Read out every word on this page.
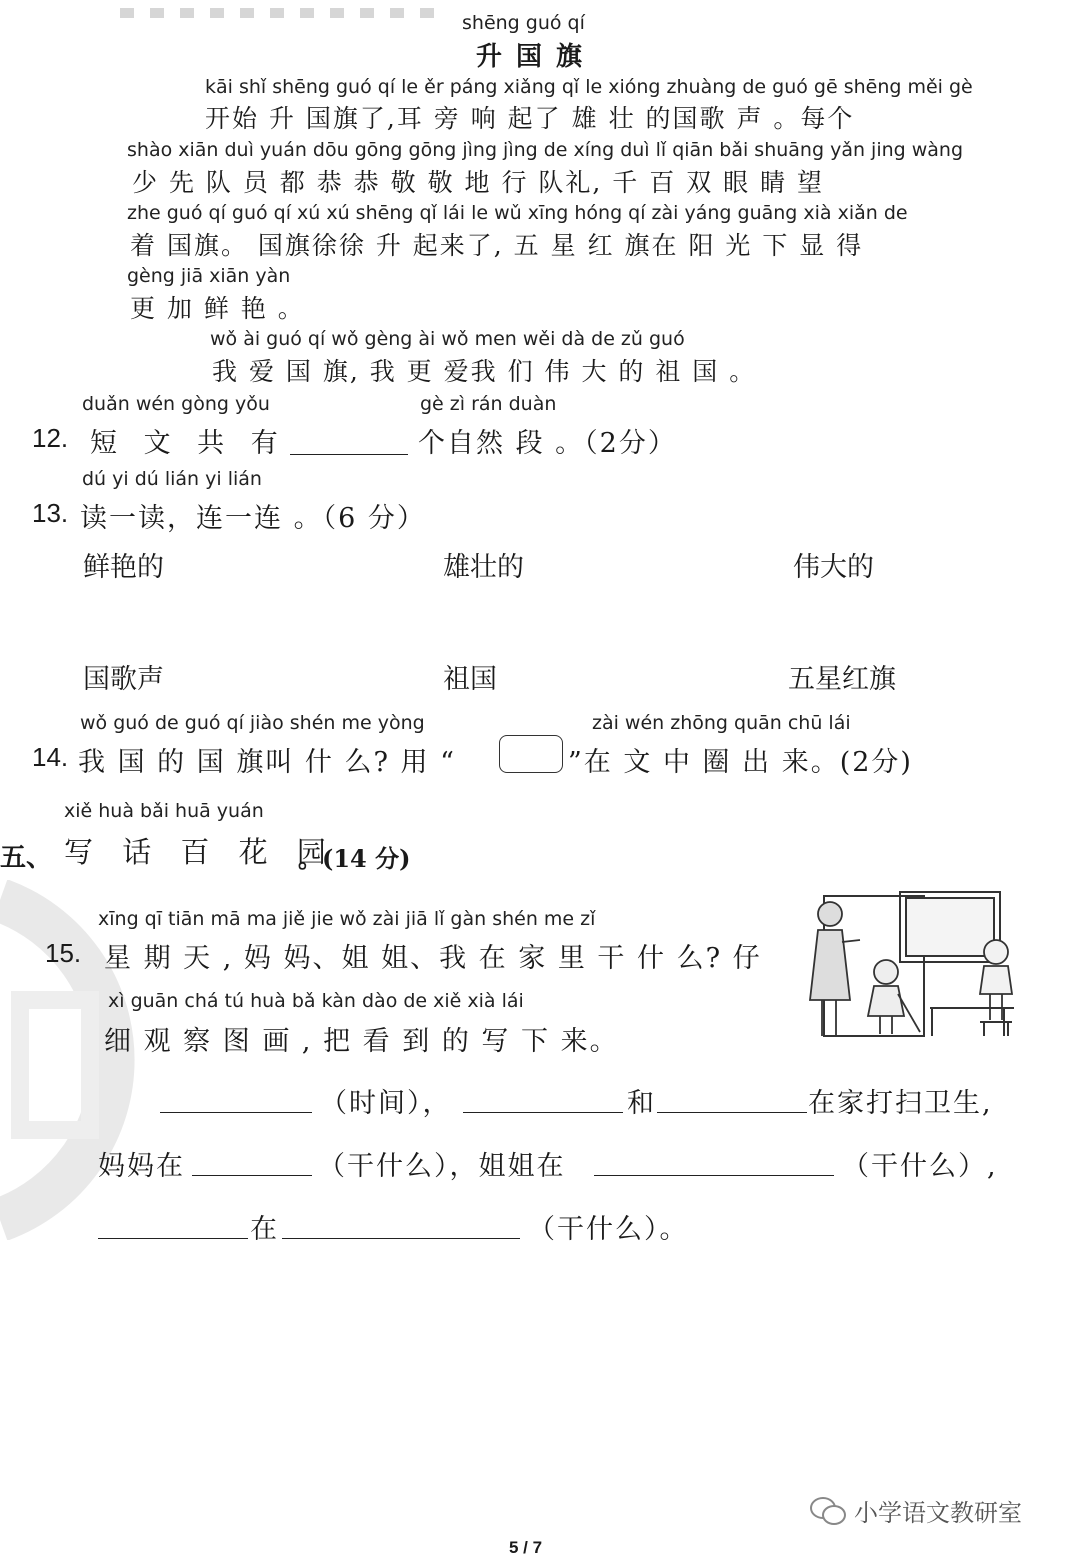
shēng guó qí
升国旗
kāi shǐ shēng guó qí le ěr páng xiǎng qǐ le xióng zhuàng de guó gē shēng měi gè
开始 升 国旗了,耳 旁 响 起了 雄 壮 的国歌 声 。每个
shào xiān duì yuán dōu gōng gōng jìng jìng de xíng duì lǐ qiān bǎi shuāng yǎn jing wàng
少 先 队 员 都 恭 恭 敬 敬 地 行 队礼, 千 百 双 眼 睛 望
zhe guó qí guó qí xú xú shēng qǐ lái le wǔ xīng hóng qí zài yáng guāng xià xiǎn de
着 国旗。 国旗徐徐 升 起来了, 五 星 红 旗在 阳 光 下 显 得
gèng jiā xiān yàn
更 加 鲜 艳 。
wǒ ài guó qí wǒ gèng ài wǒ men wěi dà de zǔ guó
我 爱 国 旗, 我 更 爱我 们 伟 大 的 祖 国 。
duǎn wén gòng yǒu	gè zì rán duàn
12. 短 文 共 有	个自然 段 。（2分）
dú yi dú lián yi lián
13. 读一读，连一连 。（6 分）
鲜艳的	雄壮的	伟大的
国歌声	祖国	五星红旗
wǒ guó de guó qí jiào shén me yòng	zài wén zhōng quān chū lái
14. 我 国 的 国 旗叫 什 么? 用 “	”在 文 中 圈 出 来。(2分)
xiě huà bǎi huā yuán
五、 写 话 百 花 园
。(14 分)
xīng qī tiān mā ma jiě jie wǒ zài jiā lǐ gàn shén me zǐ
15. 星 期 天 , 妈 妈、姐 姐、我 在 家 里 干 什 么? 仔
xì guān chá tú huà bǎ kàn dào de xiě xià lái
细 观 察 图 画 , 把 看 到 的 写 下 来。
（时间），	和	在家打扫卫生,
妈妈在	（干什么），姐姐在	（干什么）,
在	（干什么）。
小学语文教研室
5 / 7
